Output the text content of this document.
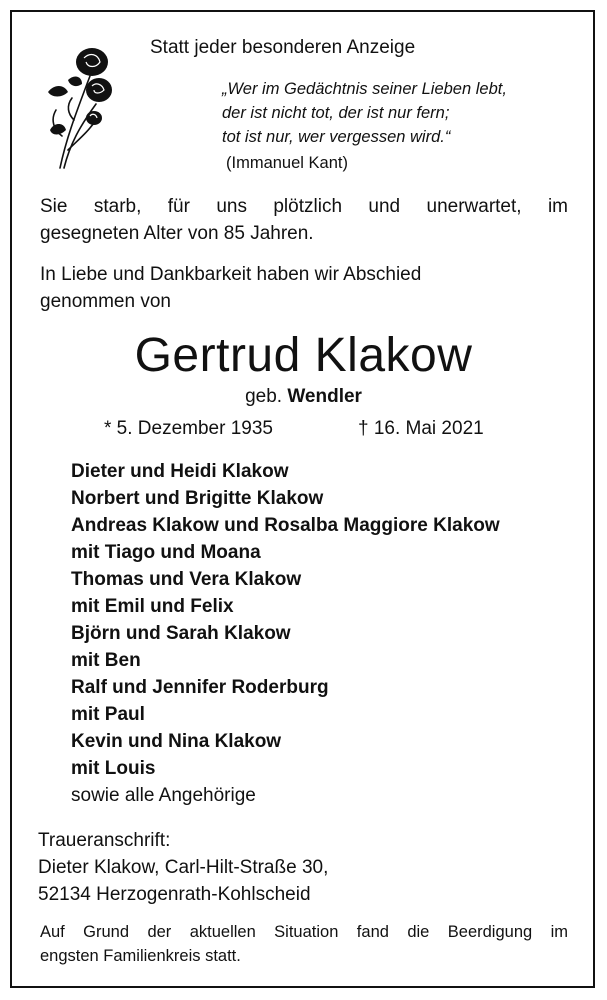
Statt jeder besonderen Anzeige
„Wer im Gedächtnis seiner Lieben lebt,
der ist nicht tot, der ist nur fern;
tot ist nur, wer vergessen wird.“
(Immanuel Kant)
Sie starb, für uns plötzlich und unerwartet, im
gesegneten Alter von 85 Jahren.
In Liebe und Dankbarkeit haben wir Abschied
genommen von
Gertrud Klakow
geb. Wendler
* 5. Dezember 1935	† 16. Mai 2021
Dieter und Heidi Klakow
Norbert und Brigitte Klakow
Andreas Klakow und Rosalba Maggiore Klakow
mit Tiago und Moana
Thomas und Vera Klakow
mit Emil und Felix
Björn und Sarah Klakow
mit Ben
Ralf und Jennifer Roderburg
mit Paul
Kevin und Nina Klakow
mit Louis
sowie alle Angehörige
Traueranschrift:
Dieter Klakow, Carl-Hilt-Straße 30,
52134 Herzogenrath-Kohlscheid
Auf Grund der aktuellen Situation fand die Beerdigung im
engsten Familienkreis statt.
